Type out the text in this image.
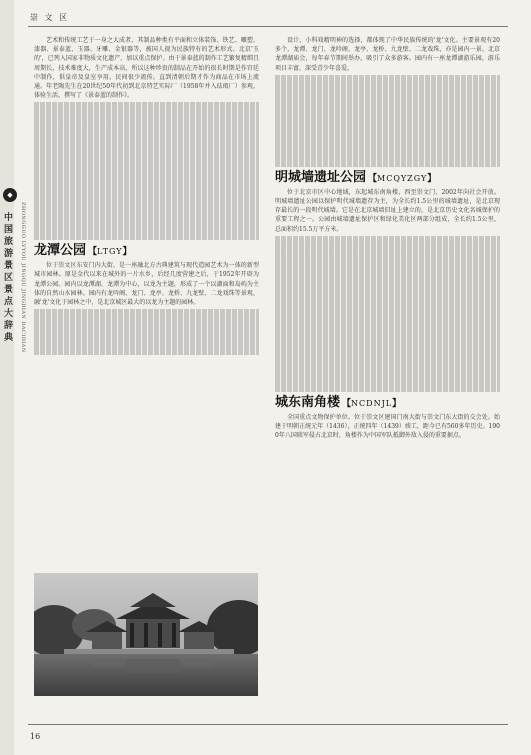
崇 文 区
◆
中国旅游景区景点大辞典	ZHONGGUO LVYOU JINGQU JINGDIAN DACIDIAN

艺术和传统工艺于一身之大成者，其制品种类有平面和立体装饰、铁艺、雕塑、漆器、景泰蓝、玉器、牙雕、金银器等，被国人视为民族特有的艺术形式。北京'玉的'，已列入国家非物质文化遗产，加以重点保护。由于景泰蓝的制作工艺繁复精细且周期长，技术难度大，生产成本高，所以这种珍贵的制品在开始的很长时期是作宫廷中制作，供皇帝及皇室享用。民间很少流传。直到清朝后期才作为商品在市场上流通。年老陶先生在20世纪50年代初到北京特艺实际厂（1958年并入珐琅厂）参观，体验生活，撰写了《景泰蓝的制作》。

龙潭公园 【LTGY】

位于崇文区东安门内大街，是一座融北方古典建筑与现代造园艺术为一体的新型城市园林。原是金代以来在城外的一片水乡，后经几度营建之后，于1952年开辟为龙潭公园。园内以龙潭湖、龙潭为中心，以龙为主题，形成了一个以湖面和岛屿为主体的自然山水园林。园内有龙吟阁、龙门、龙亭、龙桥、九龙壁、二龙戏珠等景观，融'龙'文化于园林之中，是北京城区最大的以龙为主题的园林。

设计，小科戏精明神的选择，都体现了中华民族传统的'龙'文化。主要景观有20多个，龙潭、龙门、龙吟阁、龙亭、龙桥、九龙壁、二龙戏珠，亦是园内一景。北京龙潭湖庙会，每年春节期间举办，吸引了众多游客。园内有一座龙潭湖游乐园，游乐项目丰富，深受青少年喜爱。

明城墙遗址公园 【MCQYZGY】

位于北京市区中心地域，东起城东南角楼，西至崇文门，2002年向社会开放。明城墙遗址公园以保护明代城墙遗存为主，为全长约1.5公里的城墙遗址，是北京现存最长的一段明代城墙。它是在北京城墙旧址上建立的，是北京历史文化名城保护的重要工程之一。公园由城墙遗址保护区和绿化美化区两部分组成，全长约1.5公里，总面积约15.5万平方米。

城东南角楼 【NCDNJL】

全国重点文物保护单位。位于崇文区建国门南大街与崇文门东大街的交会处。始建于明朝正统元年（1436），正统四年（1439）竣工，距今已有560多年历史。1900年八国联军侵占北京时，角楼作为中国军队抵御外敌入侵的重要据点。

16
